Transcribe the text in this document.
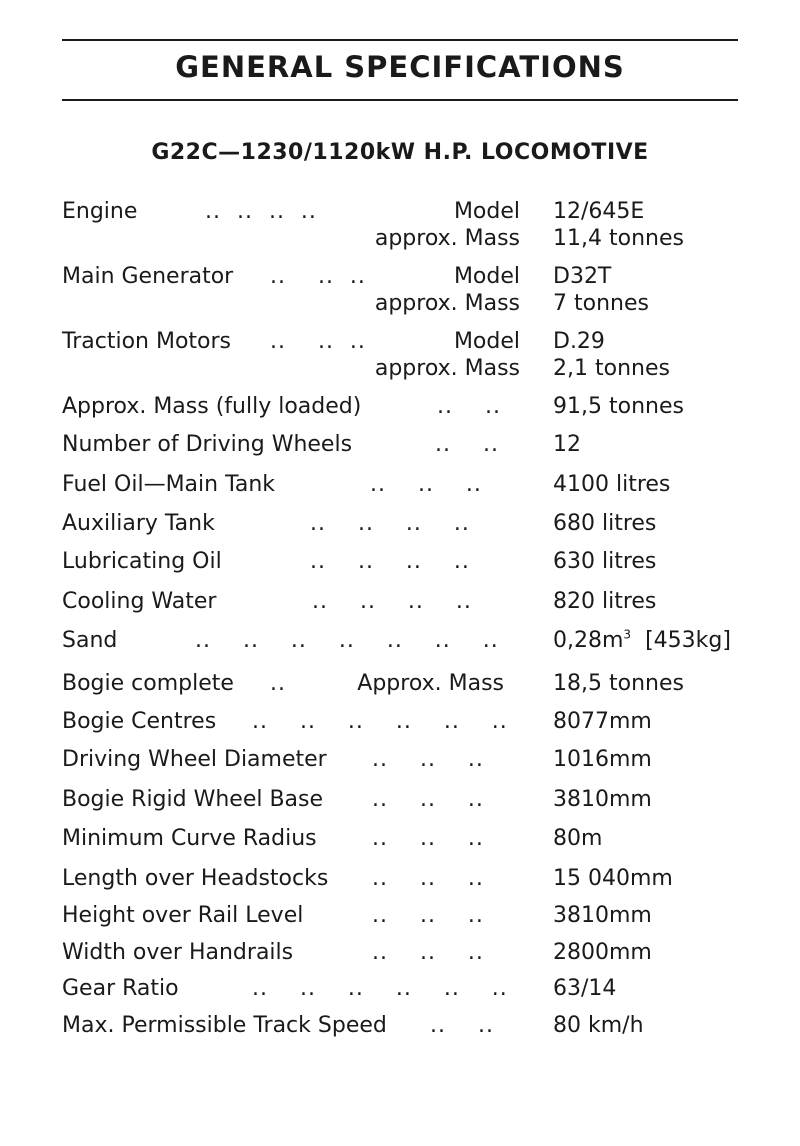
GENERAL SPECIFICATIONS
G22C—1230/1120kW H.P. LOCOMOTIVE
Engine	..  ..  ..  ..	Model 12/645E
approx. Mass 11,4 tonnes
Main Generator ..    ..  ..	Model D32T
approx. Mass 7 tonnes
Traction Motors ..    ..  ..	Model D.29
approx. Mass 2,1 tonnes
Approx. Mass (fully loaded)	..    .. 91,5 tonnes
Number of Driving Wheels	..    .. 12
Fuel Oil—Main Tank	..    ..    ..	4100 litres
Auxiliary Tank	..    ..    ..    ..	680 litres
Lubricating Oil	..    ..    ..    ..	630 litres
Cooling Water	..    ..    ..    ..	820 litres
Sand	..    ..    ..    ..    ..    ..    .. $0,28m^3$ [453kg]
Bogie complete ..	Approx. Mass 18,5 tonnes
Bogie Centres ..    ..    ..    ..    ..    .. 8077mm
Driving Wheel Diameter ..    ..    ..	1016mm
Bogie Rigid Wheel Base ..    ..    ..	3810mm
Minimum Curve Radius	..    ..    ..	80m
Length over Headstocks ..    ..    ..	15 040mm
Height over Rail Level	..    ..    ..	3810mm
Width over Handrails	..    ..    ..	2800mm
Gear Ratio	..    ..    ..    ..    ..    .. 63/14
Max. Permissible Track Speed ..    ..	80 km/h
